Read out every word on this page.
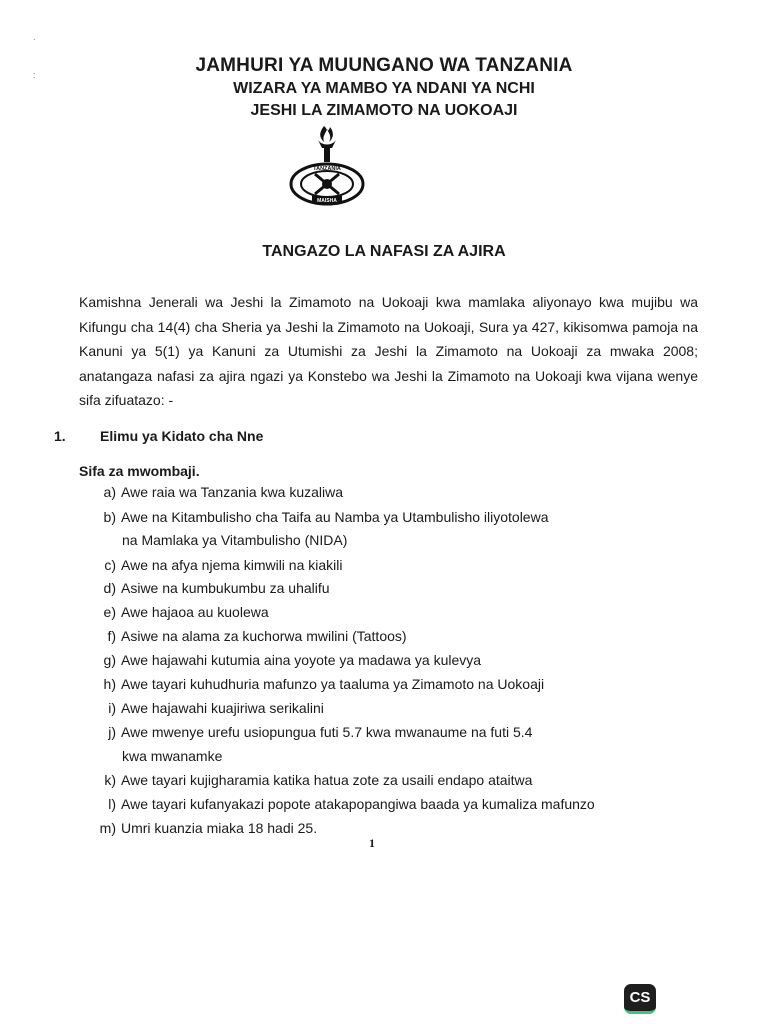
.
:	JAMHURI YA MUUNGANO WA TANZANIA
WIZARA YA MAMBO YA NDANI YA NCHI
JESHI LA ZIMAMOTO NA UOKOAJI
MAISHA
TANZANIA
TANGAZO LA NAFASI ZA AJIRA
Kamishna Jenerali wa Jeshi la Zimamoto na Uokoaji kwa mamlaka aliyonayo kwa mujibu wa Kifungu cha 14(4) cha Sheria ya Jeshi la Zimamoto na Uokoaji, Sura ya 427, kikisomwa pamoja na Kanuni ya 5(1) ya Kanuni za Utumishi za Jeshi la Zimamoto na Uokoaji za mwaka 2008; anatangaza nafasi za ajira ngazi ya Konstebo wa Jeshi la Zimamoto na Uokoaji kwa vijana wenye sifa zifuatazo: -
1. Elimu ya Kidato cha Nne
Sifa za mwombaji.
a) Awe raia wa Tanzania kwa kuzaliwa
b) Awe na Kitambulisho cha Taifa au Namba ya Utambulisho iliyotolewa
na Mamlaka ya Vitambulisho (NIDA)
c) Awe na afya njema kimwili na kiakili
d) Asiwe na kumbukumbu za uhalifu
e) Awe hajaoa au kuolewa
f) Asiwe na alama za kuchorwa mwilini (Tattoos)
g) Awe hajawahi kutumia aina yoyote ya madawa ya kulevya
h) Awe tayari kuhudhuria mafunzo ya taaluma ya Zimamoto na Uokoaji
i) Awe hajawahi kuajiriwa serikalini
j) Awe mwenye urefu usiopungua futi 5.7 kwa mwanaume na futi 5.4
kwa mwanamke
k) Awe tayari kujigharamia katika hatua zote za usaili endapo ataitwa
l) Awe tayari kufanyakazi popote atakapopangiwa baada ya kumaliza mafunzo
m) Umri kuanzia miaka 18 hadi 25.
1
CS
